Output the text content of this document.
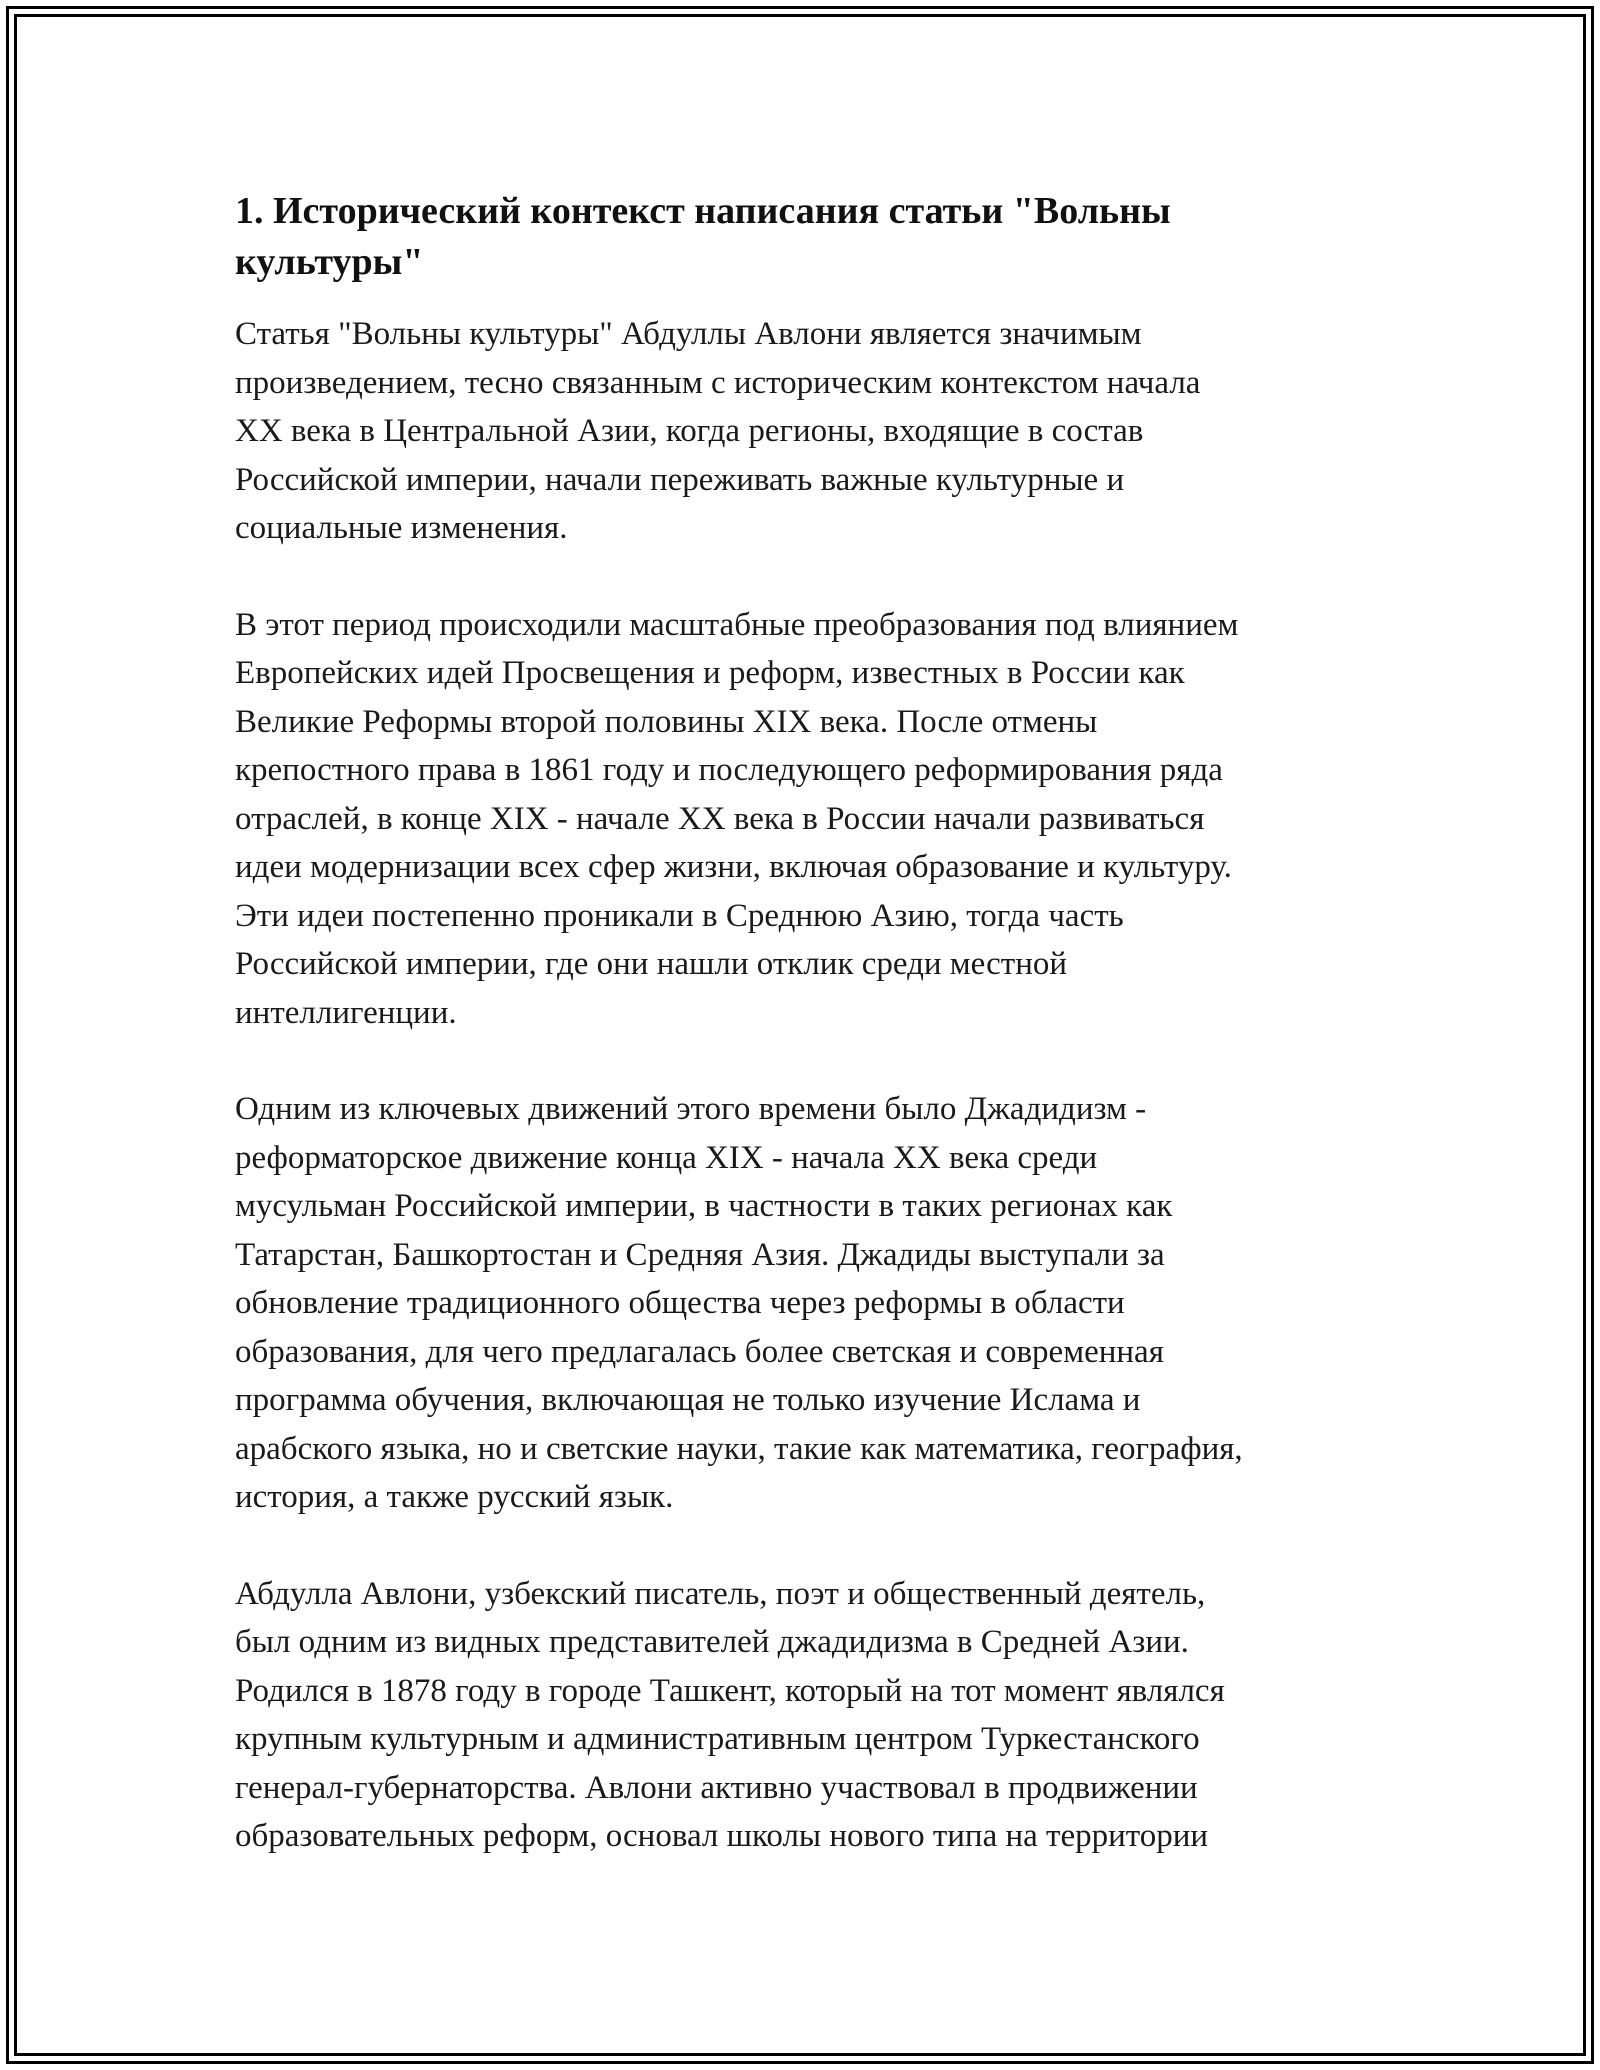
1. Исторический контекст написания статьи "Вольны
культуры"

Статья "Вольны культуры" Абдуллы Авлони является значимым
произведением, тесно связанным с историческим контекстом начала
XX века в Центральной Азии, когда регионы, входящие в состав
Российской империи, начали переживать важные культурные и
социальные изменения.

В этот период происходили масштабные преобразования под влиянием
Европейских идей Просвещения и реформ, известных в России как
Великие Реформы второй половины XIX века. После отмены
крепостного права в 1861 году и последующего реформирования ряда
отраслей, в конце XIX - начале XX века в России начали развиваться
идеи модернизации всех сфер жизни, включая образование и культуру.
Эти идеи постепенно проникали в Среднюю Азию, тогда часть
Российской империи, где они нашли отклик среди местной
интеллигенции.

Одним из ключевых движений этого времени было Джадидизм -
реформаторское движение конца XIX - начала XX века среди
мусульман Российской империи, в частности в таких регионах как
Татарстан, Башкортостан и Средняя Азия. Джадиды выступали за
обновление традиционного общества через реформы в области
образования, для чего предлагалась более светская и современная
программа обучения, включающая не только изучение Ислама и
арабского языка, но и светские науки, такие как математика, география,
история, а также русский язык.

Абдулла Авлони, узбекский писатель, поэт и общественный деятель,
был одним из видных представителей джадидизма в Средней Азии.
Родился в 1878 году в городе Ташкент, который на тот момент являлся
крупным культурным и административным центром Туркестанского
генерал-губернаторства. Авлони активно участвовал в продвижении
образовательных реформ, основал школы нового типа на территории
